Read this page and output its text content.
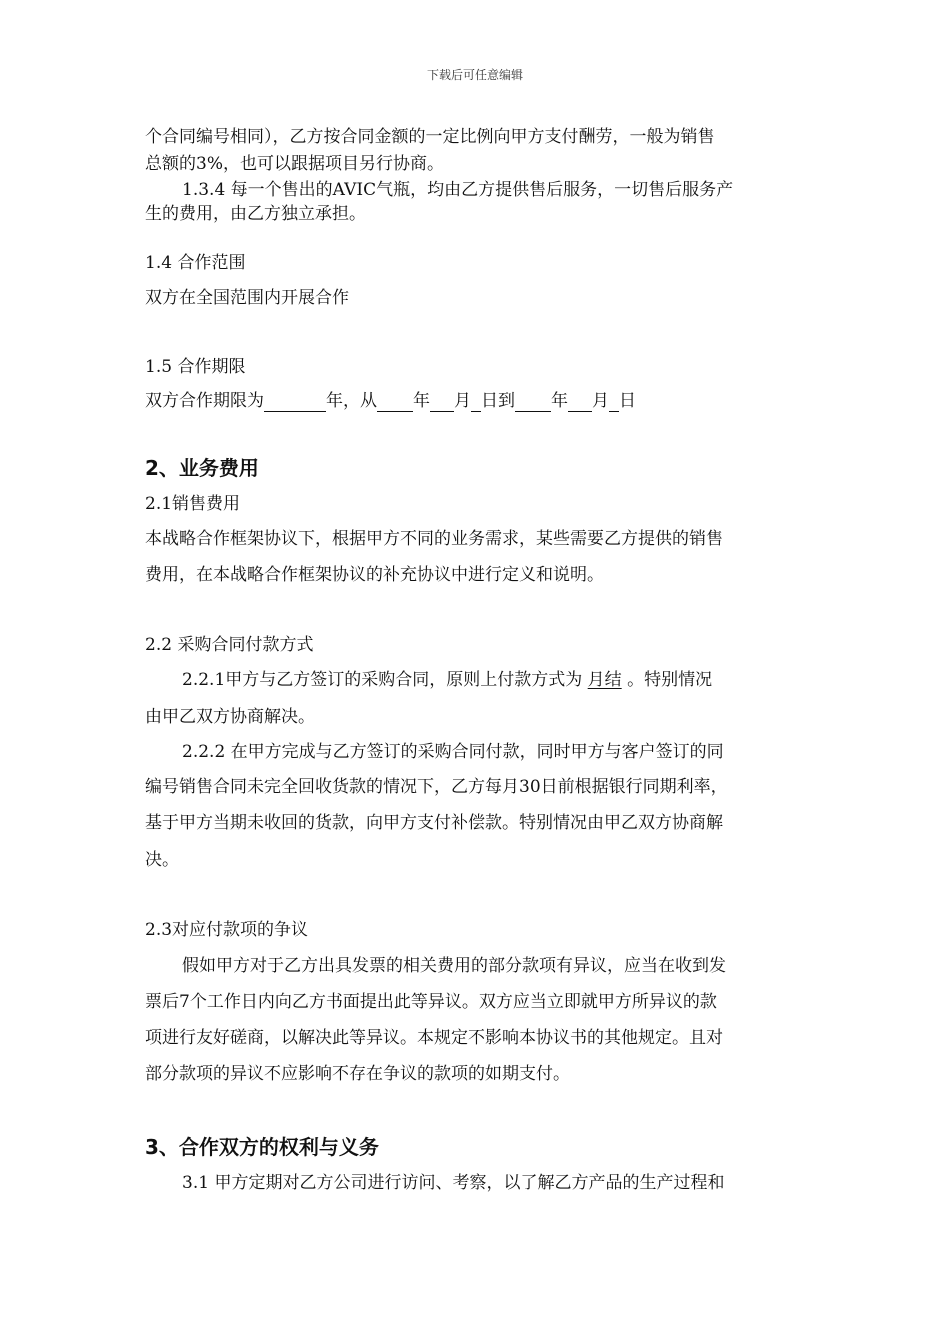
下载后可任意编辑
个合同编号相同），乙方按合同金额的一定比例向甲方支付酬劳，一般为销售
总额的3%，也可以跟据项目另行协商。
1.3.4 每一个售出的AVIC气瓶，均由乙方提供售后服务，一切售后服务产
生的费用，由乙方独立承担。
1.4 合作范围
双方在全国范围内开展合作
1.5 合作期限
双方合作期限为	年，从 年 月 日到 年 月 日
2、业务费用
2.1销售费用
本战略合作框架协议下，根据甲方不同的业务需求，某些需要乙方提供的销售
费用，在本战略合作框架协议的补充协议中进行定义和说明。
2.2 采购合同付款方式
2.2.1甲方与乙方签订的采购合同，原则上付款方式为 月结 。特别情况
由甲乙双方协商解决。
2.2.2 在甲方完成与乙方签订的采购合同付款，同时甲方与客户签订的同
编号销售合同未完全回收货款的情况下，乙方每月30日前根据银行同期利率，
基于甲方当期未收回的货款，向甲方支付补偿款。特别情况由甲乙双方协商解
决。
2.3对应付款项的争议
假如甲方对于乙方出具发票的相关费用的部分款项有异议，应当在收到发
票后7个工作日内向乙方书面提出此等异议。双方应当立即就甲方所异议的款
项进行友好磋商，以解决此等异议。本规定不影响本协议书的其他规定。且对
部分款项的异议不应影响不存在争议的款项的如期支付。
3、合作双方的权利与义务
3.1 甲方定期对乙方公司进行访问、考察，以了解乙方产品的生产过程和
